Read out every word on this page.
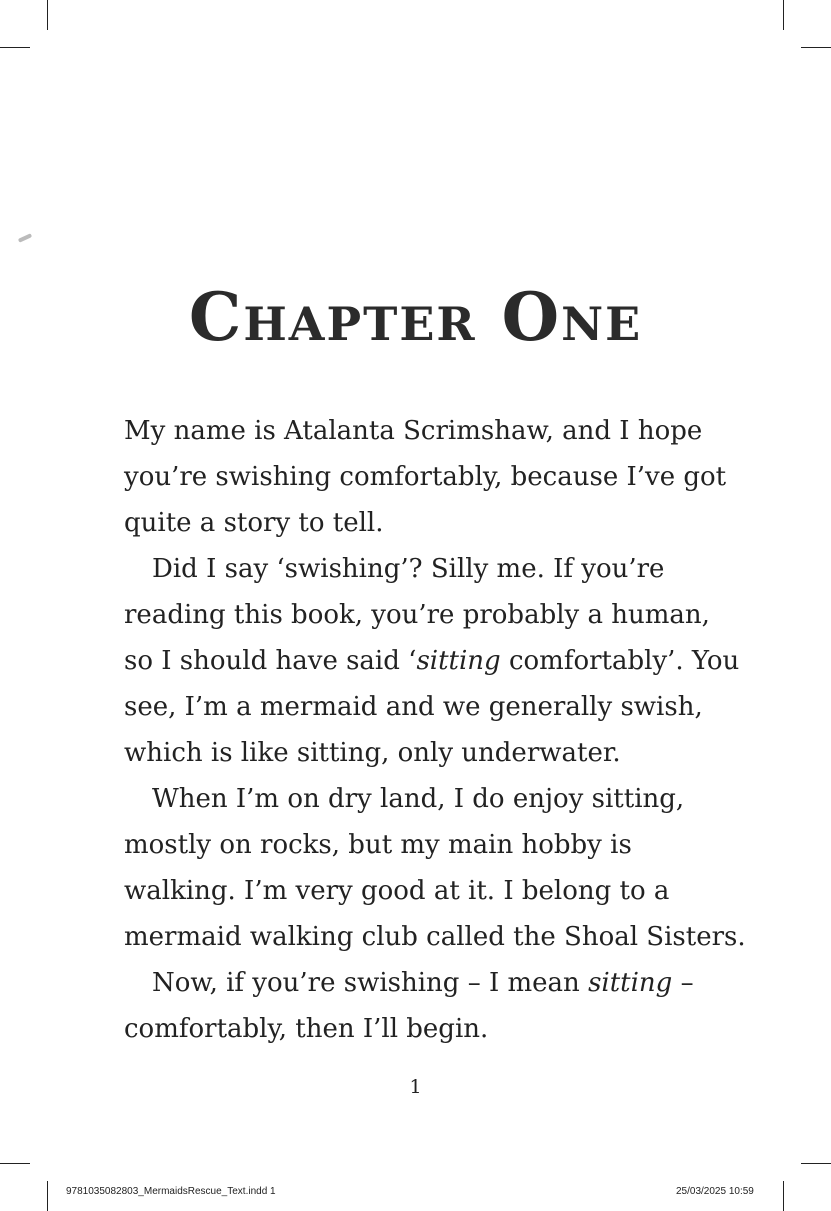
Chapter One

My name is Atalanta Scrimshaw, and I hope

you’re swishing comfortably, because I’ve got

quite a story to tell.

Did I say ‘swishing’? Silly me. If you’re

reading this book, you’re probably a human,

so I should have said ‘sitting comfortably’. You

see, I’m a mermaid and we generally swish,

which is like sitting, only underwater.

When I’m on dry land, I do enjoy sitting,

mostly on rocks, but my main hobby is

walking. I’m very good at it. I belong to a

mermaid walking club called the Shoal Sisters.

Now, if you’re swishing – I mean sitting –

comfortably, then I’ll begin.

1
9781035082803_MermaidsRescue_Text.indd 1	25/03/2025 10:59
